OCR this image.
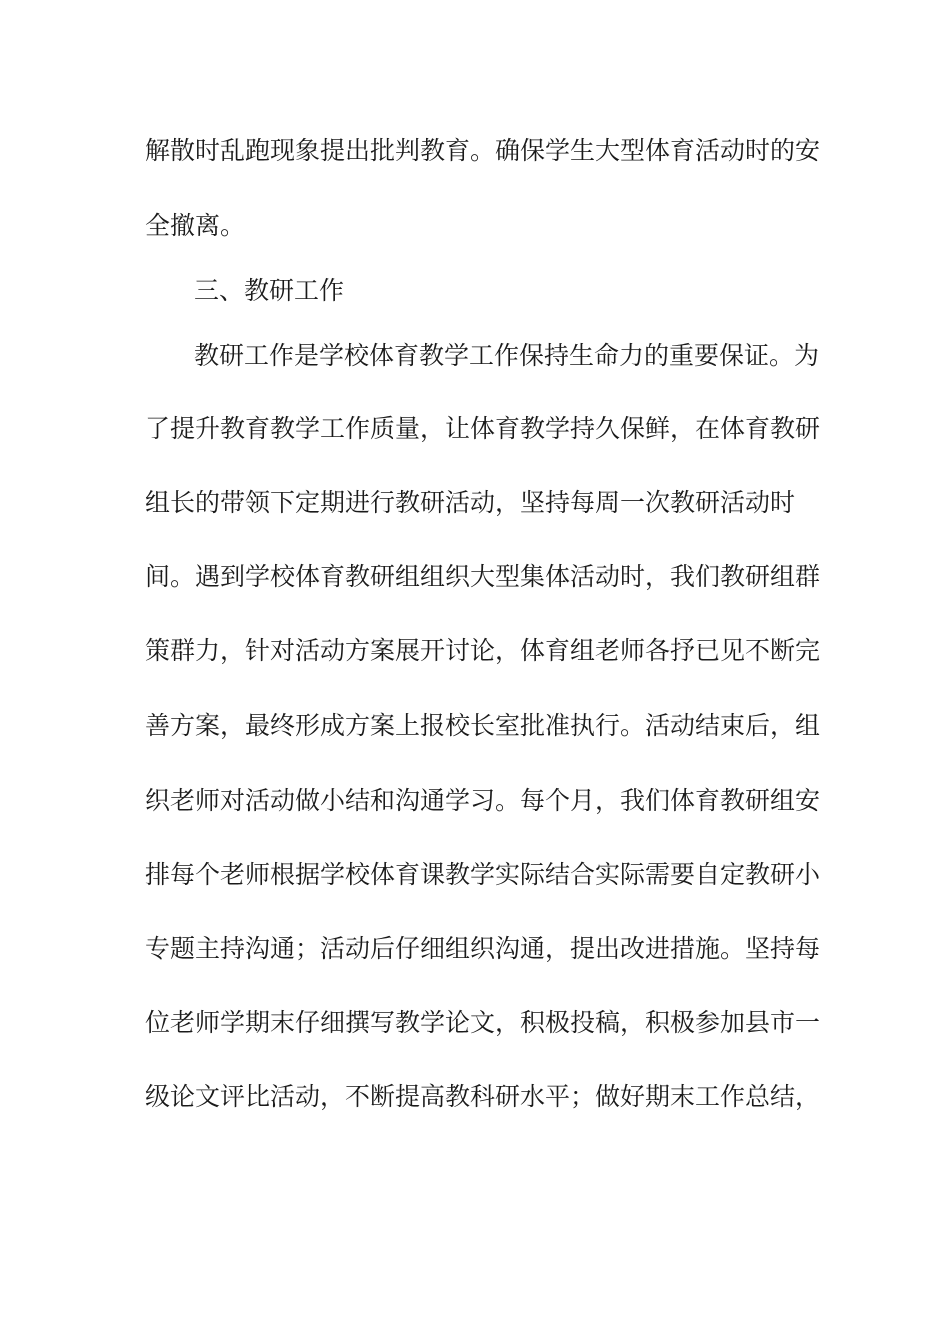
解散时乱跑现象提出批判教育。确保学生大型体育活动时的安

全撤离。

三、教研工作

教研工作是学校体育教学工作保持生命力的重要保证。为

了提升教育教学工作质量，让体育教学持久保鲜，在体育教研

组长的带领下定期进行教研活动，坚持每周一次教研活动时

间。遇到学校体育教研组组织大型集体活动时，我们教研组群

策群力，针对活动方案展开讨论，体育组老师各抒已见不断完

善方案，最终形成方案上报校长室批准执行。活动结束后，组

织老师对活动做小结和沟通学习。每个月，我们体育教研组安

排每个老师根据学校体育课教学实际结合实际需要自定教研小

专题主持沟通；活动后仔细组织沟通，提出改进措施。坚持每

位老师学期末仔细撰写教学论文，积极投稿，积极参加县市一

级论文评比活动，不断提高教科研水平；做好期末工作总结，
